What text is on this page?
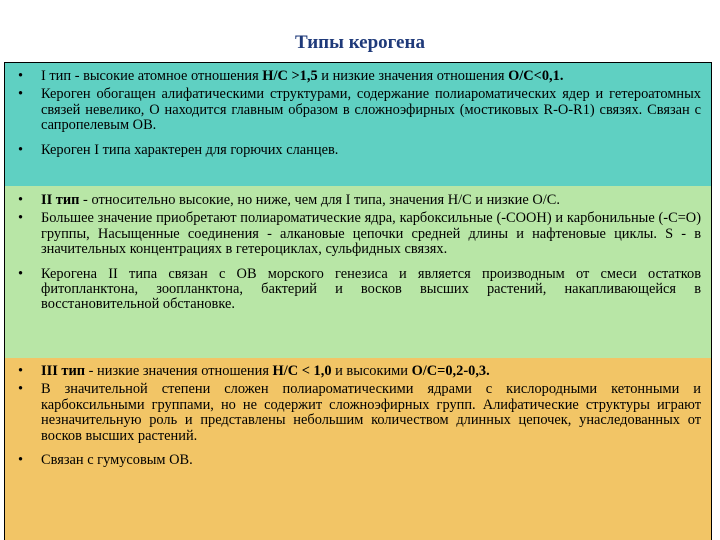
Типы керогена
• I тип - высокие атомное отношения Н/С >1,5 и низкие значения отношения О/С<0,1.
• Кероген обогащен алифатическими структурами, содержание полиароматических ядер и гетероатомных связей невелико, О находится главным образом в сложноэфирных (мостиковых R-O-R1) связях. Связан с сапропелевым ОВ.
• Кероген I типа характерен для горючих сланцев.
• II тип - относительно высокие, но ниже, чем для I типа, значения Н/С и низкие О/С.
• Большее значение приобретают полиароматические ядра, карбоксильные (-СООН) и карбонильные (-С=О) группы, Насыщенные соединения - алкановые цепочки средней длины и нафтеновые циклы. S - в значительных концентрациях в гетероциклах, сульфидных связях.
• Керогена II типа связан с ОВ морского генезиса и является производным от смеси остатков фитопланктона, зоопланктона, бактерий и восков высших растений, накапливающейся в восстановительной обстановке.
• III тип - низкие значения отношения Н/С < 1,0 и высокими О/С=0,2-0,3.
• В значительной степени сложен полиароматическими ядрами с кислородными кетонными и карбоксильными группами, но не содержит сложноэфирных групп. Алифатические структуры играют незначительную роль и представлены небольшим количеством длинных цепочек, унаследованных от восков высших растений.
• Связан с гумусовым ОВ.
